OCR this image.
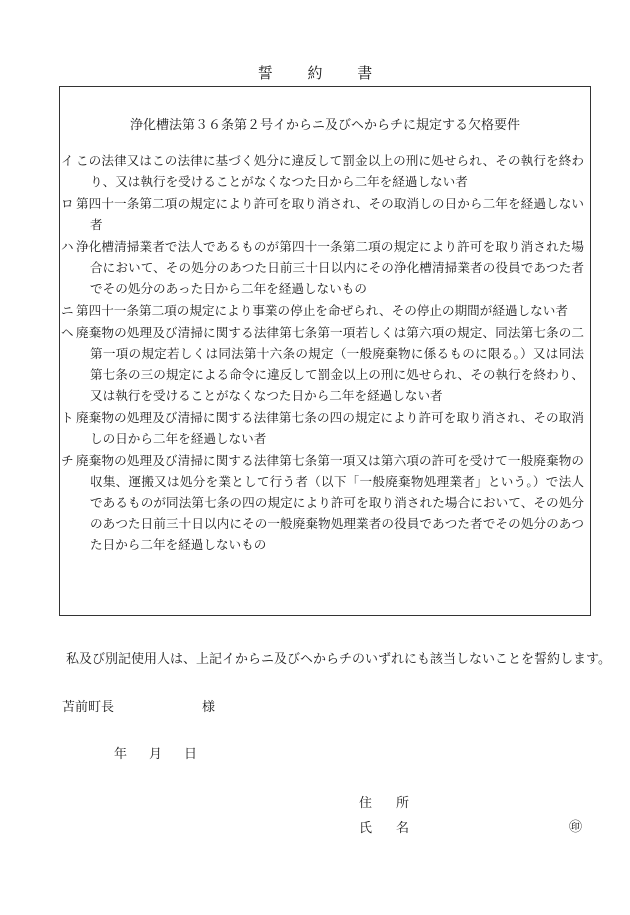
誓 約 書
浄化槽法第３６条第２号イからニ及びヘからチに規定する欠格要件
イ この法律又はこの法律に基づく処分に違反して罰金以上の刑に処せられ、その執行を終わり、又は執行を受けることがなくなつた日から二年を経過しない者
ロ 第四十一条第二項の規定により許可を取り消され、その取消しの日から二年を経過しない者
ハ 浄化槽清掃業者で法人であるものが第四十一条第二項の規定により許可を取り消された場合において、その処分のあつた日前三十日以内にその浄化槽清掃業者の役員であつた者でその処分のあった日から二年を経過しないもの
ニ 第四十一条第二項の規定により事業の停止を命ぜられ、その停止の期間が経過しない者
ヘ 廃棄物の処理及び清掃に関する法律第七条第一項若しくは第六項の規定、同法第七条の二第一項の規定若しくは同法第十六条の規定（一般廃棄物に係るものに限る。）又は同法第七条の三の規定による命令に違反して罰金以上の刑に処せられ、その執行を終わり、又は執行を受けることがなくなつた日から二年を経過しない者
ト 廃棄物の処理及び清掃に関する法律第七条の四の規定により許可を取り消され、その取消しの日から二年を経過しない者
チ 廃棄物の処理及び清掃に関する法律第七条第一項又は第六項の許可を受けて一般廃棄物の収集、運搬又は処分を業として行う者（以下「一般廃棄物処理業者」という。）で法人であるものが同法第七条の四の規定により許可を取り消された場合において、その処分のあつた日前三十日以内にその一般廃棄物処理業者の役員であつた者でその処分のあつた日から二年を経過しないもの
私及び別記使用人は、上記イからニ及びヘからチのいずれにも該当しないことを誓約します。
苫前町長	様
年 月 日
住 所
氏 名	㊞
